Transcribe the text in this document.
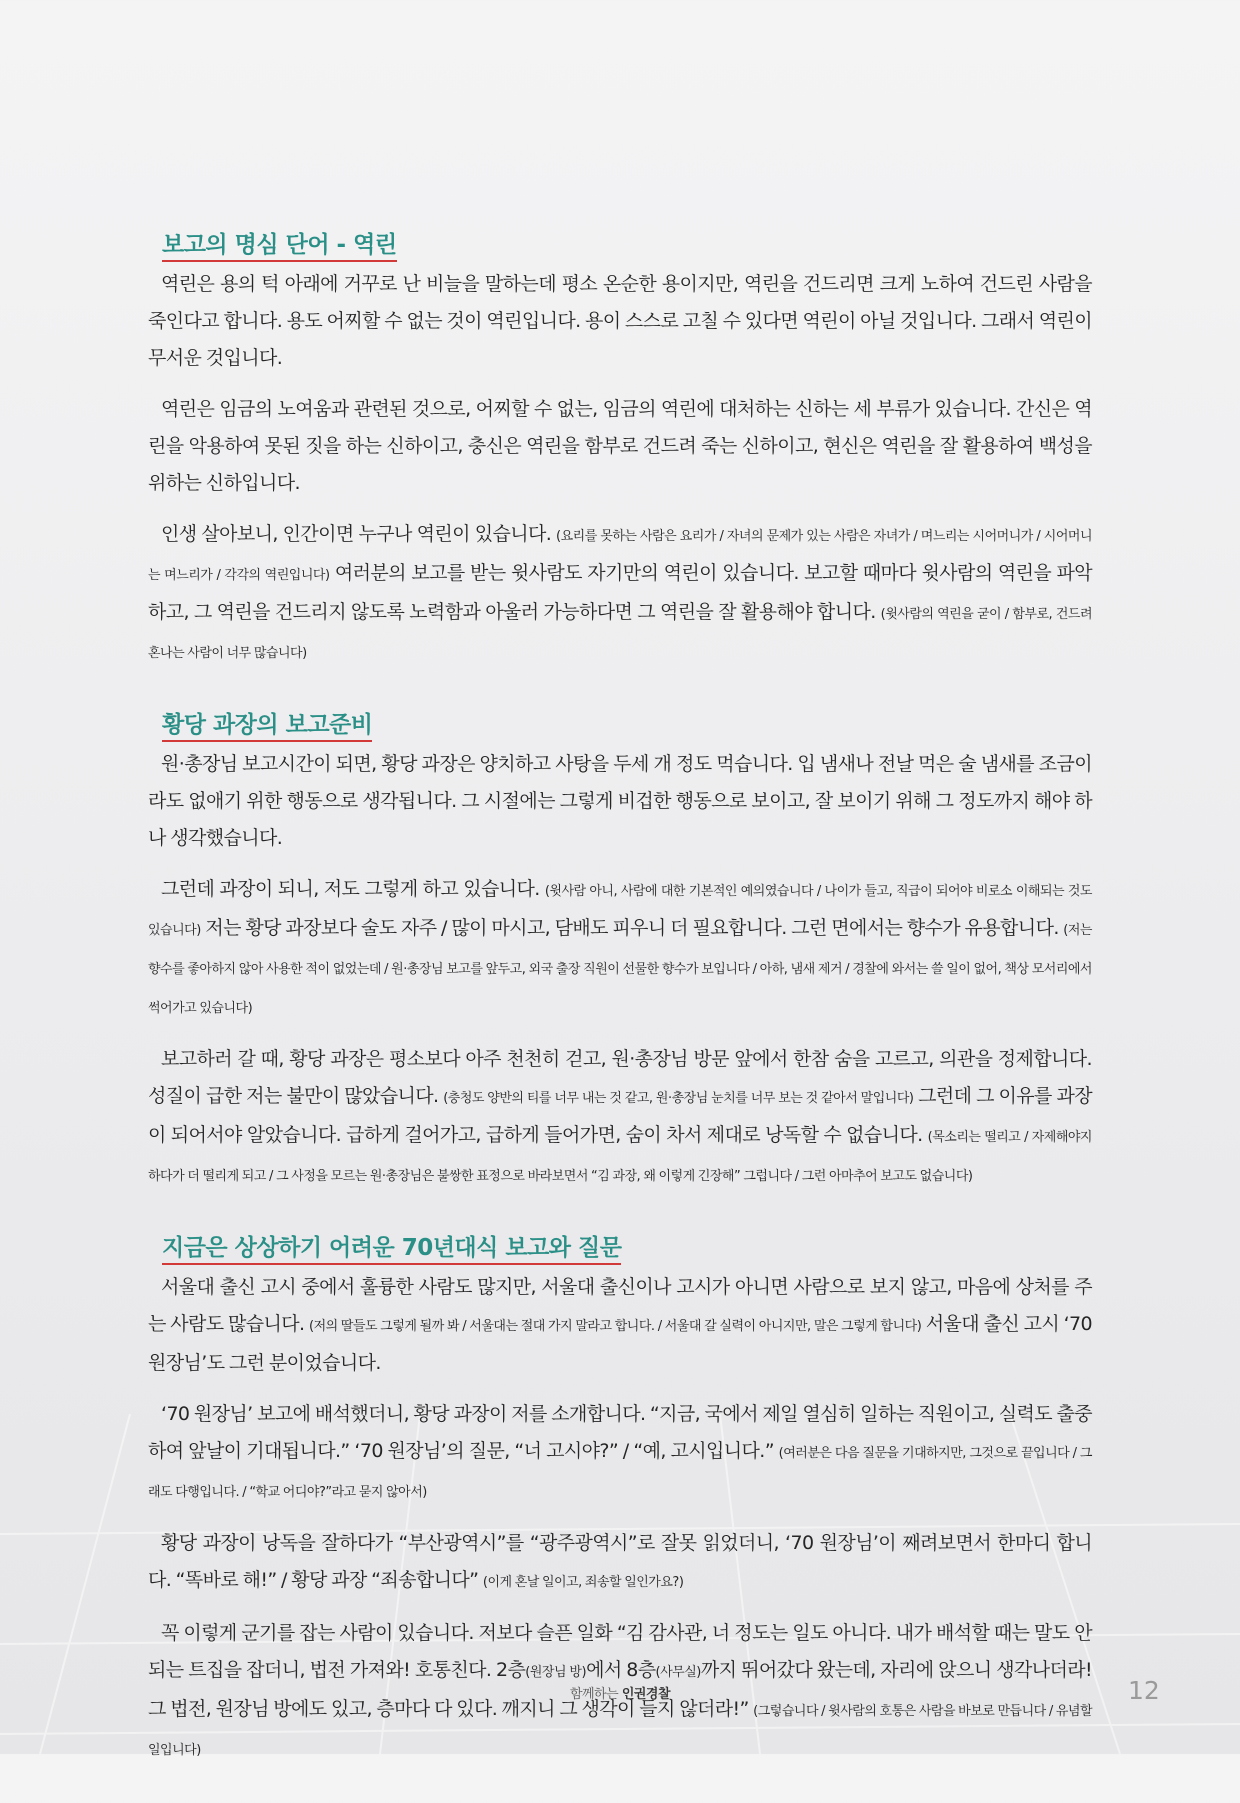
보고의 명심 단어 - 역린

역린은 용의 턱 아래에 거꾸로 난 비늘을 말하는데 평소 온순한 용이지만, 역린을 건드리면 크게 노하여 건드린 사람을 죽인다고 합니다. 용도 어찌할 수 없는 것이 역린입니다. 용이 스스로 고칠 수 있다면 역린이 아닐 것입니다. 그래서 역린이 무서운 것입니다.

역린은 임금의 노여움과 관련된 것으로, 어찌할 수 없는, 임금의 역린에 대처하는 신하는 세 부류가 있습니다. 간신은 역린을 악용하여 못된 짓을 하는 신하이고, 충신은 역린을 함부로 건드려 죽는 신하이고, 현신은 역린을 잘 활용하여 백성을 위하는 신하입니다.

인생 살아보니, 인간이면 누구나 역린이 있습니다. (요리를 못하는 사람은 요리가 / 자녀의 문제가 있는 사람은 자녀가 / 며느리는 시어머니가 / 시어머니는 며느리가 / 각각의 역린입니다) 여러분의 보고를 받는 윗사람도 자기만의 역린이 있습니다. 보고할 때마다 윗사람의 역린을 파악하고, 그 역린을 건드리지 않도록 노력함과 아울러 가능하다면 그 역린을 잘 활용해야 합니다. (윗사람의 역린을 굳이 / 함부로, 건드려 혼나는 사람이 너무 많습니다)

황당 과장의 보고준비

원·총장님 보고시간이 되면, 황당 과장은 양치하고 사탕을 두세 개 정도 먹습니다. 입 냄새나 전날 먹은 술 냄새를 조금이라도 없애기 위한 행동으로 생각됩니다. 그 시절에는 그렇게 비겁한 행동으로 보이고, 잘 보이기 위해 그 정도까지 해야 하나 생각했습니다.

그런데 과장이 되니, 저도 그렇게 하고 있습니다. (윗사람 아니, 사람에 대한 기본적인 예의였습니다 / 나이가 들고, 직급이 되어야 비로소 이해되는 것도 있습니다) 저는 황당 과장보다 술도 자주 / 많이 마시고, 담배도 피우니 더 필요합니다. 그런 면에서는 향수가 유용합니다. (저는 향수를 좋아하지 않아 사용한 적이 없었는데 / 원·총장님 보고를 앞두고, 외국 출장 직원이 선물한 향수가 보입니다 / 아하, 냄새 제거 / 경찰에 와서는 쓸 일이 없어, 책상 모서리에서 썩어가고 있습니다)

보고하러 갈 때, 황당 과장은 평소보다 아주 천천히 걷고, 원·총장님 방문 앞에서 한참 숨을 고르고, 의관을 정제합니다. 성질이 급한 저는 불만이 많았습니다. (충청도 양반의 티를 너무 내는 것 같고, 원·총장님 눈치를 너무 보는 것 같아서 말입니다) 그런데 그 이유를 과장이 되어서야 알았습니다. 급하게 걸어가고, 급하게 들어가면, 숨이 차서 제대로 낭독할 수 없습니다. (목소리는 떨리고 / 자제해야지 하다가 더 떨리게 되고 / 그 사정을 모르는 원·총장님은 불쌍한 표정으로 바라보면서 “김 과장, 왜 이렇게 긴장해” 그럽니다 / 그런 아마추어 보고도 없습니다)

지금은 상상하기 어려운 70년대식 보고와 질문

서울대 출신 고시 중에서 훌륭한 사람도 많지만, 서울대 출신이나 고시가 아니면 사람으로 보지 않고, 마음에 상처를 주는 사람도 많습니다. (저의 딸들도 그렇게 될까 봐 / 서울대는 절대 가지 말라고 합니다. / 서울대 갈 실력이 아니지만, 말은 그렇게 합니다) 서울대 출신 고시 ‘70 원장님’도 그런 분이었습니다.

‘70 원장님’ 보고에 배석했더니, 황당 과장이 저를 소개합니다. “지금, 국에서 제일 열심히 일하는 직원이고, 실력도 출중하여 앞날이 기대됩니다.” ‘70 원장님’의 질문, “너 고시야?” / “예, 고시입니다.” (여러분은 다음 질문을 기대하지만, 그것으로 끝입니다 / 그래도 다행입니다. / “학교 어디야?”라고 묻지 않아서)

황당 과장이 낭독을 잘하다가 “부산광역시”를 “광주광역시”로 잘못 읽었더니, ‘70 원장님’이 째려보면서 한마디 합니다. “똑바로 해!” / 황당 과장 “죄송합니다” (이게 혼날 일이고, 죄송할 일인가요?)

꼭 이렇게 군기를 잡는 사람이 있습니다. 저보다 슬픈 일화 “김 감사관, 너 정도는 일도 아니다. 내가 배석할 때는 말도 안 되는 트집을 잡더니, 법전 가져와! 호통친다. 2층(원장님 방)에서 8층(사무실)까지 뛰어갔다 왔는데, 자리에 앉으니 생각나더라! 그 법전, 원장님 방에도 있고, 층마다 다 있다. 깨지니 그 생각이 들지 않더라!” (그렇습니다 / 윗사람의 호통은 사람을 바보로 만듭니다 / 유념할 일입니다)

함께하는 인권경찰	12
